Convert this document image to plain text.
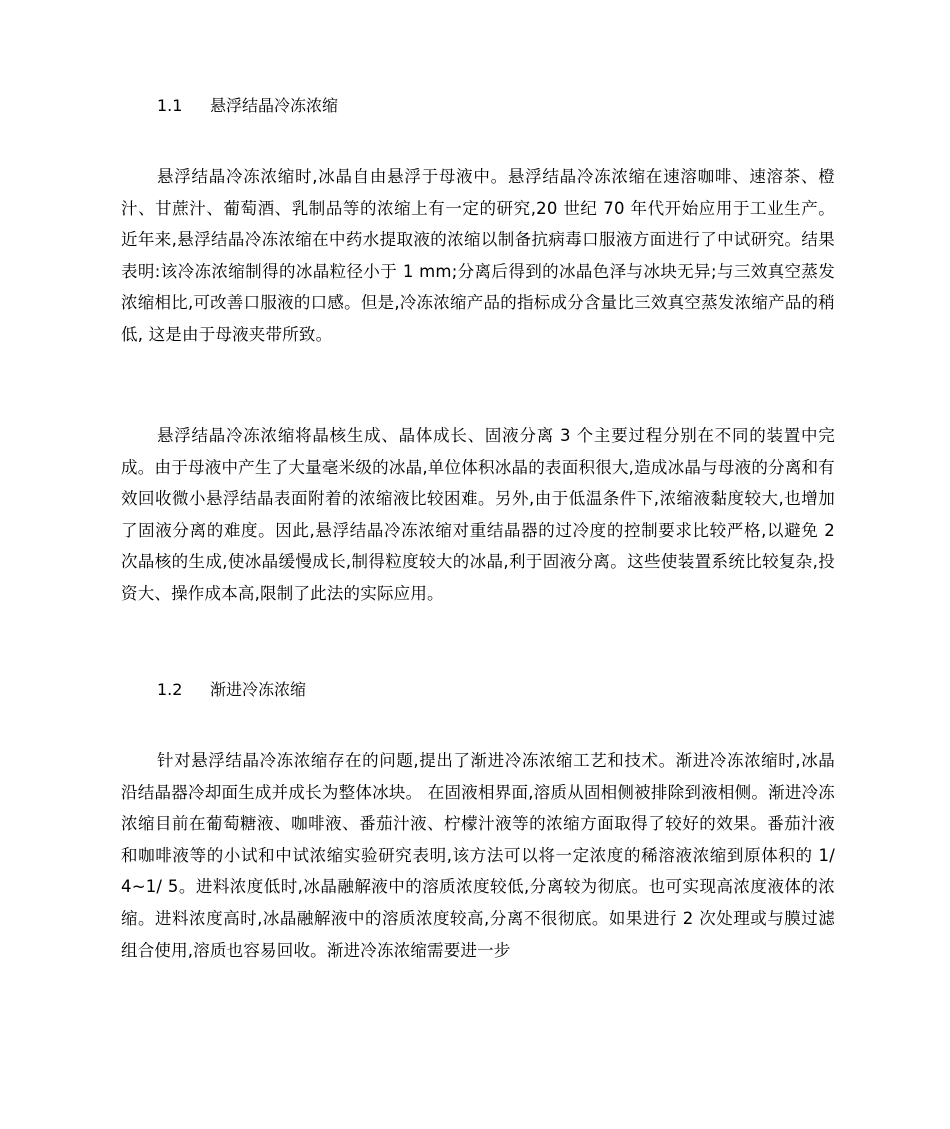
1.1 悬浮结晶冷冻浓缩

悬浮结晶冷冻浓缩时,冰晶自由悬浮于母液中。悬浮结晶冷冻浓缩在速溶咖啡、速溶茶、橙汁、甘蔗汁、葡萄酒、乳制品等的浓缩上有一定的研究,20 世纪 70 年代开始应用于工业生产。近年来,悬浮结晶冷冻浓缩在中药水提取液的浓缩以制备抗病毒口服液方面进行了中试研究。结果表明:该冷冻浓缩制得的冰晶粒径小于 1 mm;分离后得到的冰晶色泽与冰块无异;与三效真空蒸发浓缩相比,可改善口服液的口感。但是,冷冻浓缩产品的指标成分含量比三效真空蒸发浓缩产品的稍低, 这是由于母液夹带所致。

悬浮结晶冷冻浓缩将晶核生成、晶体成长、固液分离 3 个主要过程分别在不同的装置中完成。由于母液中产生了大量毫米级的冰晶,单位体积冰晶的表面积很大,造成冰晶与母液的分离和有效回收微小悬浮结晶表面附着的浓缩液比较困难。另外,由于低温条件下,浓缩液黏度较大,也增加了固液分离的难度。因此,悬浮结晶冷冻浓缩对重结晶器的过冷度的控制要求比较严格,以避免 2 次晶核的生成,使冰晶缓慢成长,制得粒度较大的冰晶,利于固液分离。这些使装置系统比较复杂,投资大、操作成本高,限制了此法的实际应用。

1.2 渐进冷冻浓缩

针对悬浮结晶冷冻浓缩存在的问题,提出了渐进冷冻浓缩工艺和技术。渐进冷冻浓缩时,冰晶沿结晶器冷却面生成并成长为整体冰块。 在固液相界面,溶质从固相侧被排除到液相侧。渐进冷冻浓缩目前在葡萄糖液、咖啡液、番茄汁液、柠檬汁液等的浓缩方面取得了较好的效果。番茄汁液和咖啡液等的小试和中试浓缩实验研究表明,该方法可以将一定浓度的稀溶液浓缩到原体积的 1/ 4~1/ 5。进料浓度低时,冰晶融解液中的溶质浓度较低,分离较为彻底。也可实现高浓度液体的浓缩。进料浓度高时,冰晶融解液中的溶质浓度较高,分离不很彻底。如果进行 2 次处理或与膜过滤组合使用,溶质也容易回收。渐进冷冻浓缩需要进一步
